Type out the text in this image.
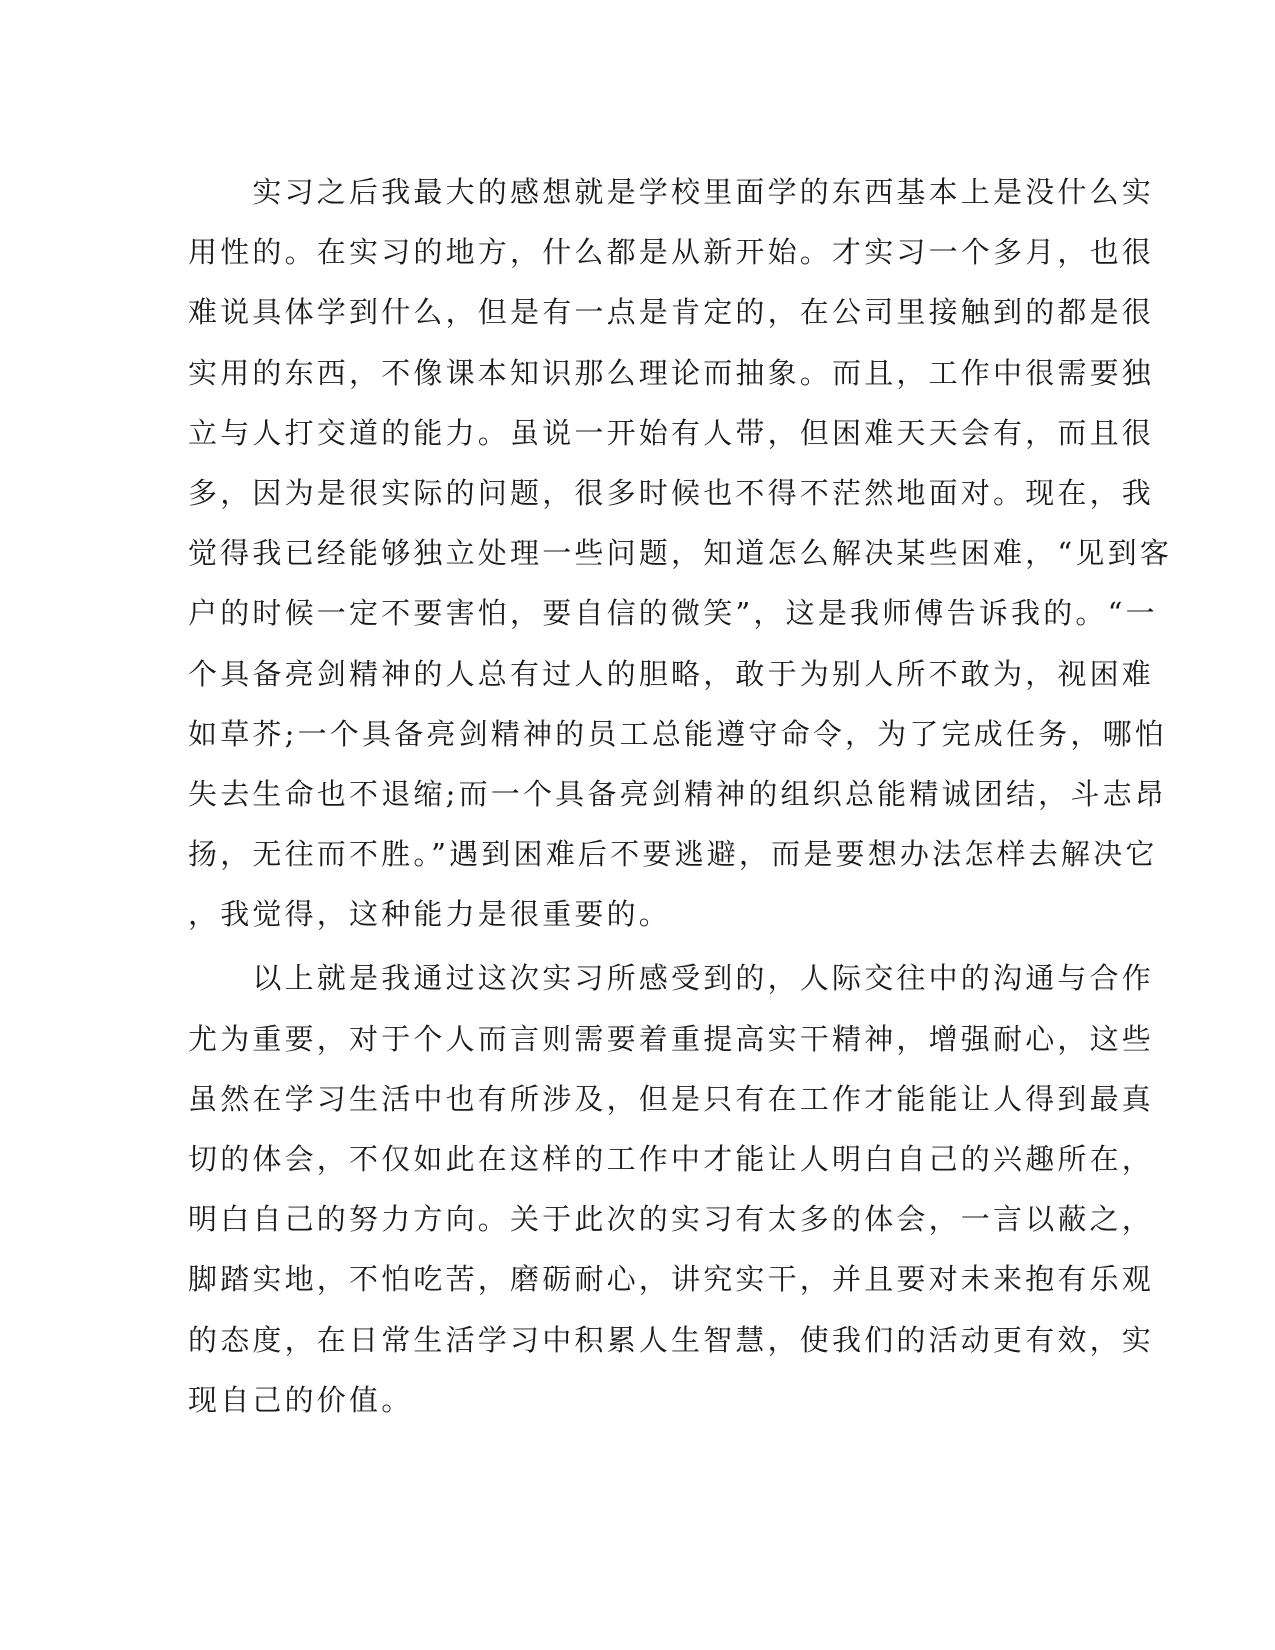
　　实习之后我最大的感想就是学校里面学的东西基本上是没什么实
用性的。在实习的地方，什么都是从新开始。才实习一个多月，也很
难说具体学到什么，但是有一点是肯定的，在公司里接触到的都是很
实用的东西，不像课本知识那么理论而抽象。而且，工作中很需要独
立与人打交道的能力。虽说一开始有人带，但困难天天会有，而且很
多，因为是很实际的问题，很多时候也不得不茫然地面对。现在，我
觉得我已经能够独立处理一些问题，知道怎么解决某些困难，“见到客
户的时候一定不要害怕，要自信的微笑”，这是我师傅告诉我的。“一
个具备亮剑精神的人总有过人的胆略，敢于为别人所不敢为，视困难
如草芥;一个具备亮剑精神的员工总能遵守命令，为了完成任务，哪怕
失去生命也不退缩;而一个具备亮剑精神的组织总能精诚团结，斗志昂
扬，无往而不胜。”遇到困难后不要逃避，而是要想办法怎样去解决它
，我觉得，这种能力是很重要的。
　　以上就是我通过这次实习所感受到的，人际交往中的沟通与合作
尤为重要，对于个人而言则需要着重提高实干精神，增强耐心，这些
虽然在学习生活中也有所涉及，但是只有在工作才能能让人得到最真
切的体会，不仅如此在这样的工作中才能让人明白自己的兴趣所在，
明白自己的努力方向。关于此次的实习有太多的体会，一言以蔽之，
脚踏实地，不怕吃苦，磨砺耐心，讲究实干，并且要对未来抱有乐观
的态度，在日常生活学习中积累人生智慧，使我们的活动更有效，实
现自己的价值。
